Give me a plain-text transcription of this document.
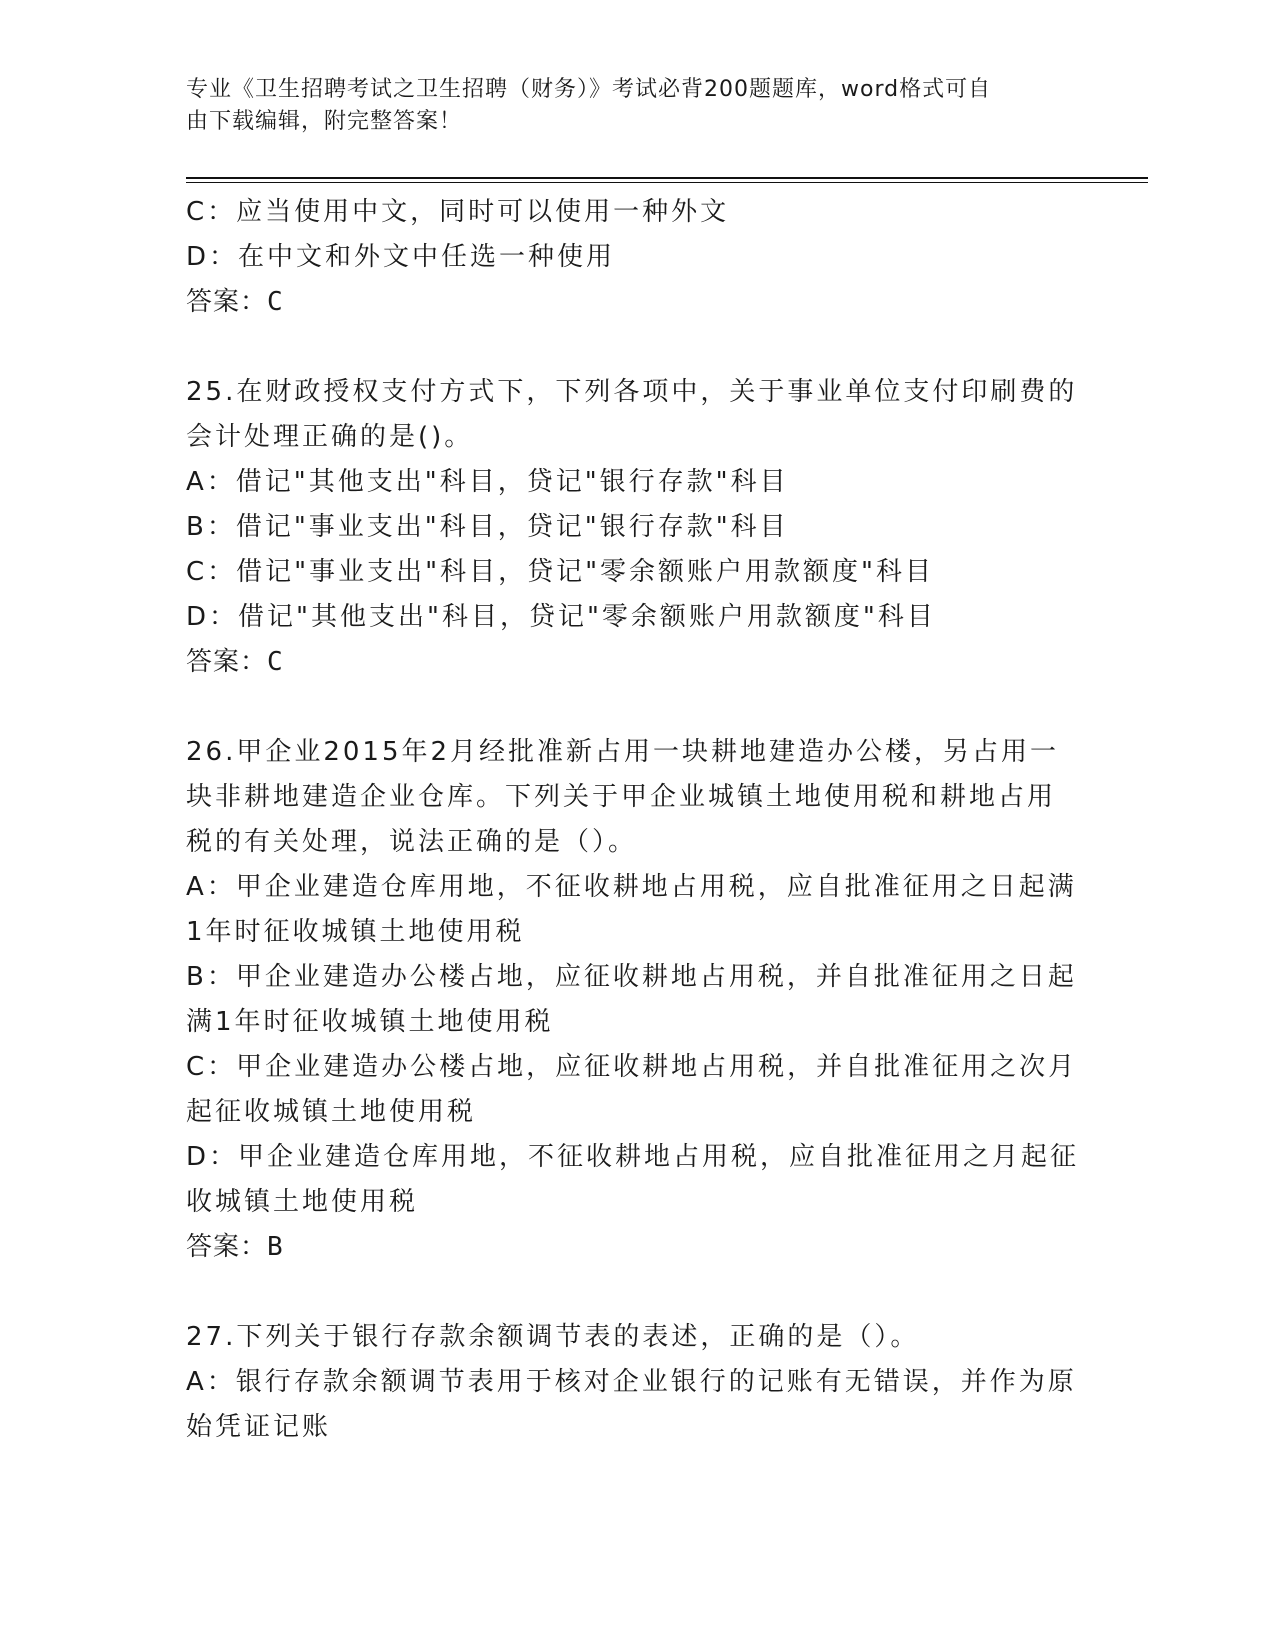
专业《卫生招聘考试之卫生招聘（财务）》考试必背200题题库，word格式可自
由下载编辑，附完整答案！
C：应当使用中文，同时可以使用一种外文
D：在中文和外文中任选一种使用
答案：C
25.在财政授权支付方式下，下列各项中，关于事业单位支付印刷费的
会计处理正确的是()。
A：借记"其他支出"科目，贷记"银行存款"科目
B：借记"事业支出"科目，贷记"银行存款"科目
C：借记"事业支出"科目，贷记"零余额账户用款额度"科目
D：借记"其他支出"科目，贷记"零余额账户用款额度"科目
答案：C
26.甲企业2015年2月经批准新占用一块耕地建造办公楼，另占用一
块非耕地建造企业仓库。下列关于甲企业城镇土地使用税和耕地占用
税的有关处理，说法正确的是（）。
A：甲企业建造仓库用地，不征收耕地占用税，应自批准征用之日起满
1年时征收城镇土地使用税
B：甲企业建造办公楼占地，应征收耕地占用税，并自批准征用之日起
满1年时征收城镇土地使用税
C：甲企业建造办公楼占地，应征收耕地占用税，并自批准征用之次月
起征收城镇土地使用税
D：甲企业建造仓库用地，不征收耕地占用税，应自批准征用之月起征
收城镇土地使用税
答案：B
27.下列关于银行存款余额调节表的表述，正确的是（）。
A：银行存款余额调节表用于核对企业银行的记账有无错误，并作为原
始凭证记账
